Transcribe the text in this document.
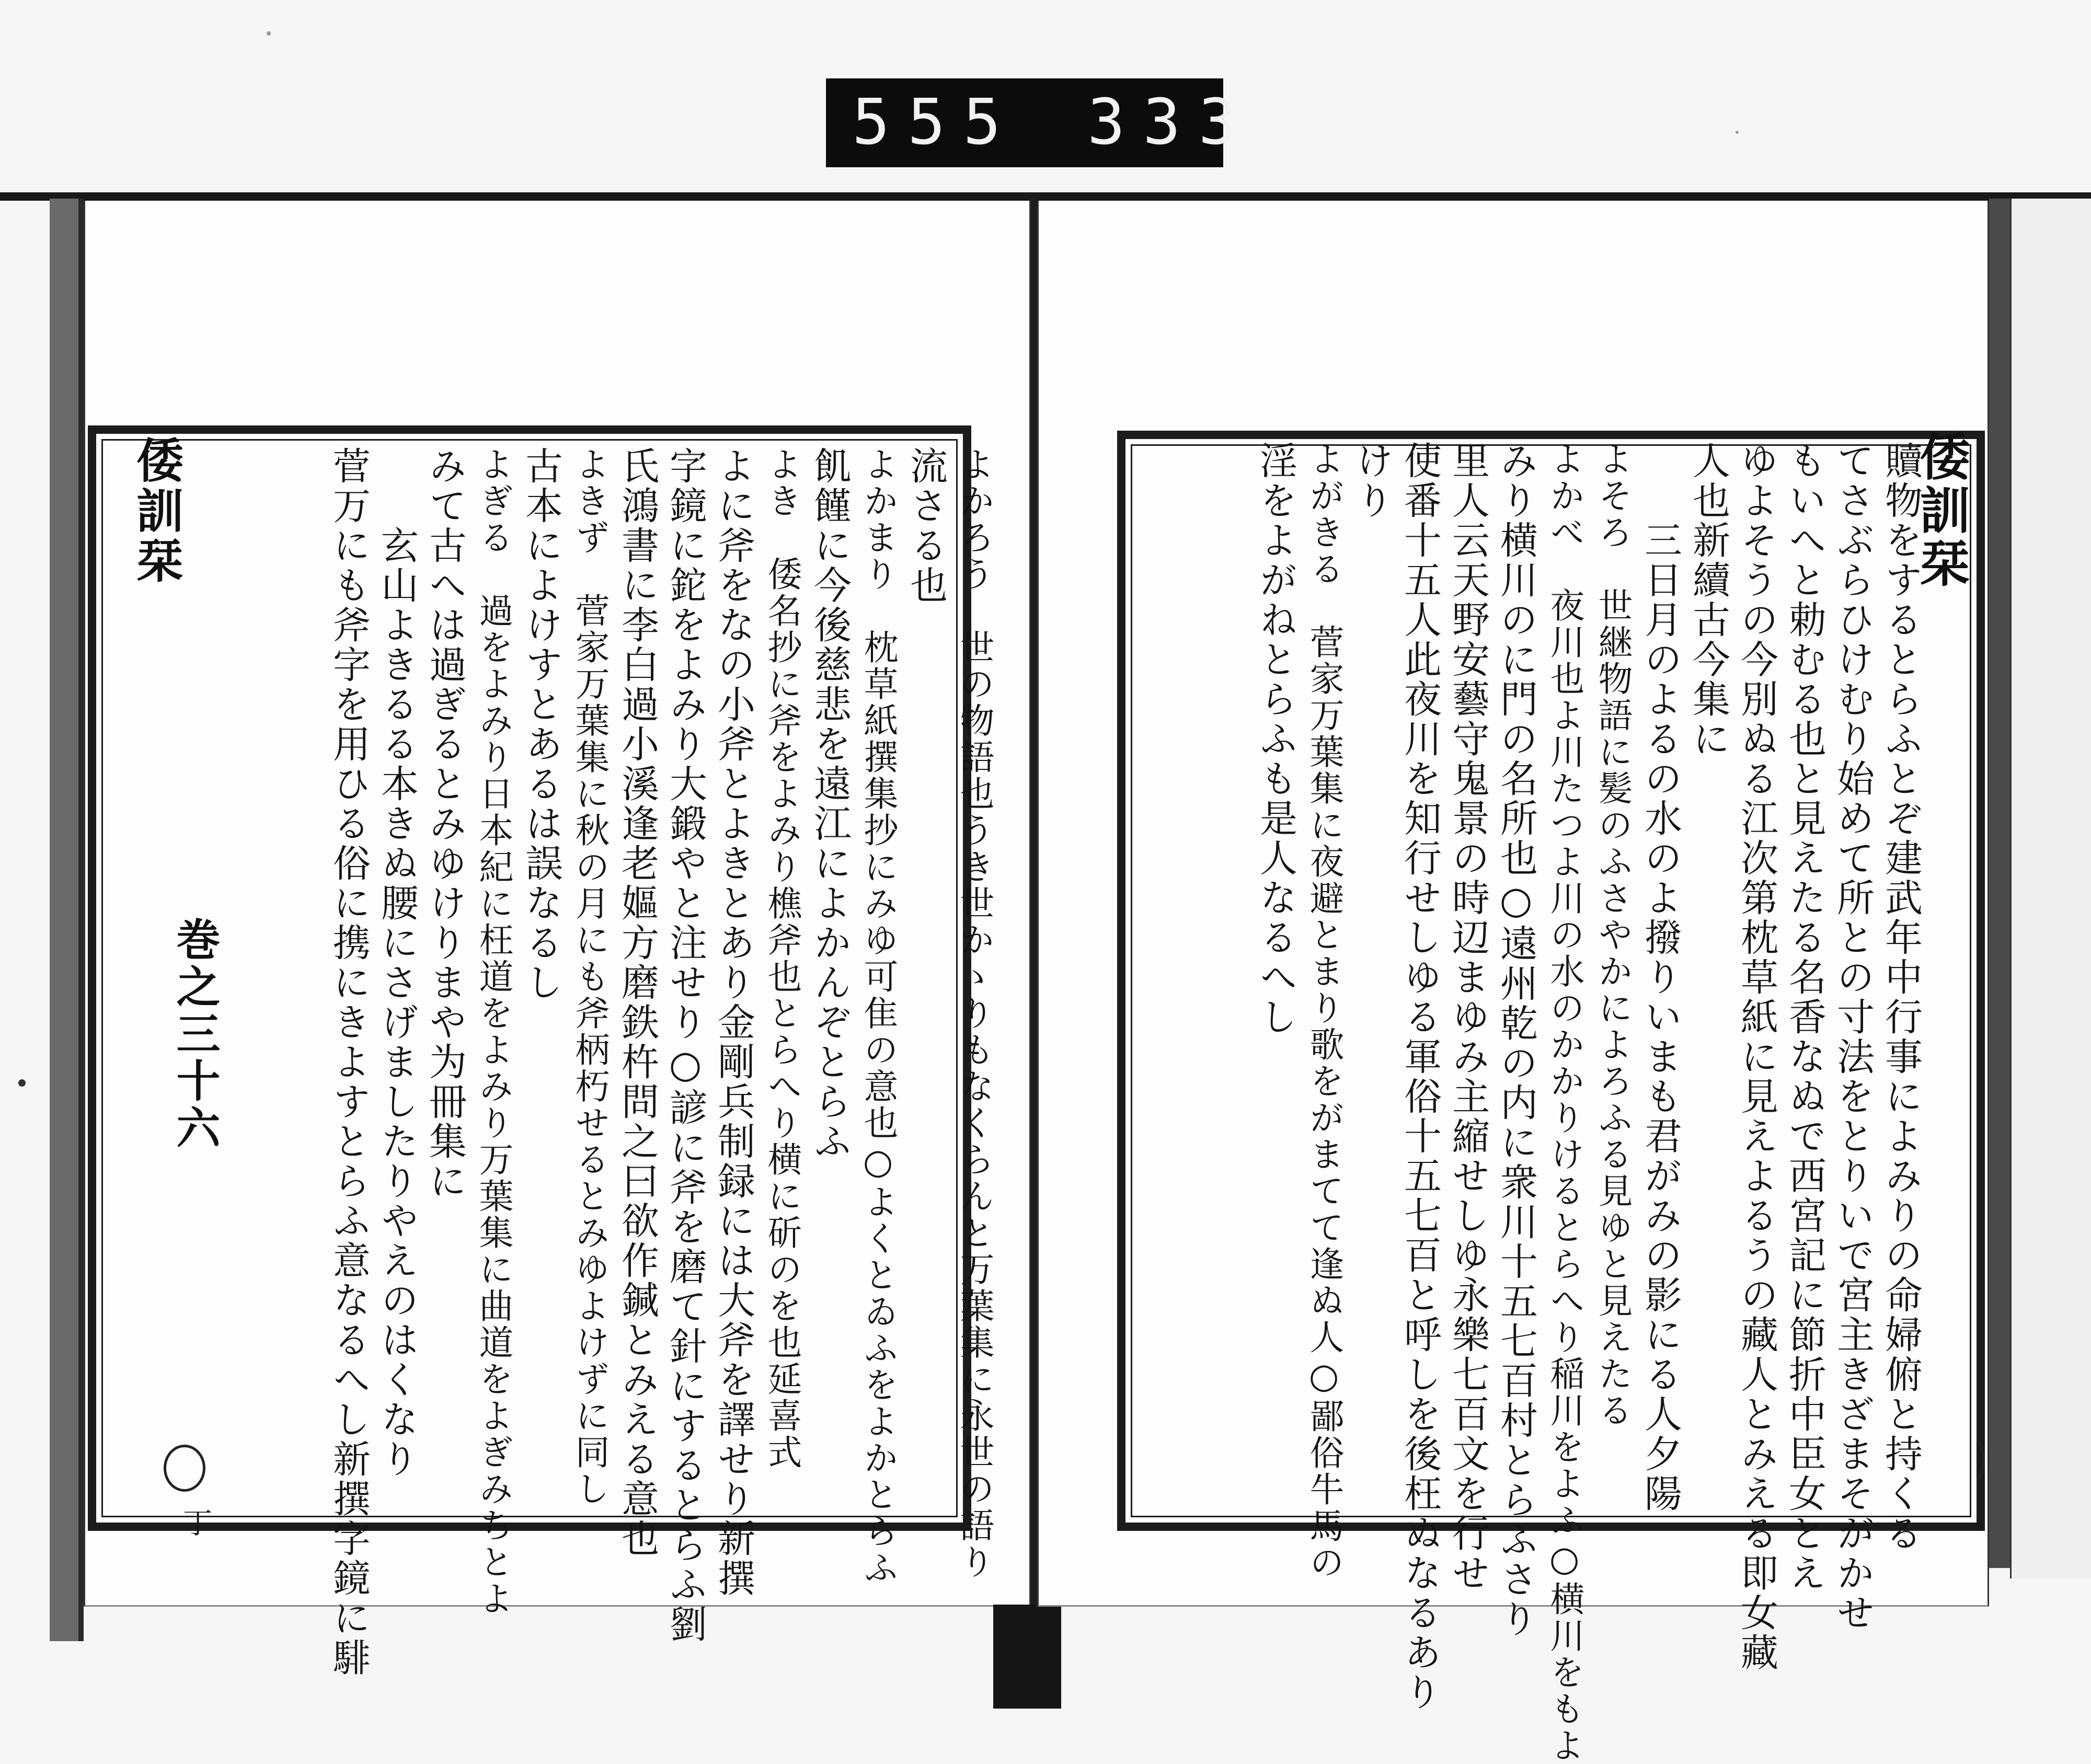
555 333
よかろう　世の物語也うき世かゝりもなくらんと万葉集に永世の語り
流さる也
よかまり　枕草紙撰集抄にみゆ可隹の意也○よくとゐふをよかとらふ
飢饉に今後慈悲を遠江によかんぞとらふ
よき　倭名抄に斧をよみり樵斧也とらへり横に斫のを也延喜式
よに斧をなの小斧とよきとあり金剛兵制録には大斧を譯せり新撰
字鏡に鉈をよみり大鍛やと注せり○諺に斧を磨て針にするとらふ劉
氏鴻書に李白過小溪逢老嫗方磨鉄杵問之曰欲作鍼とみえる意也
よきず　菅家万葉集に秋の月にも斧柄朽せるとみゆよけずに同し
古本によけすとあるは誤なるし
よぎる　過をよみり日本紀に枉道をよみり万葉集に曲道をよぎみちとよ
みて古へは過ぎるとみゆけりまや为冊集に
　　玄山よきるる本きぬ腰にさげましたりやえのはくなり
菅万にも斧字を用ひる俗に携にきよすとらふ意なるへし新撰字鏡に騑
倭訓栞
巻之三十六
丁	贖物をするとらふとぞ建武年中行事によみりの命婦俯と持くる
てさぶらひけむり始めて所との寸法をとりいで宮主きざまそがかせ
もいへと勅むる也と見えたる名香なぬで西宮記に節折中臣女とえ
ゆよそうの今別ぬる江次第枕草紙に見えよるうの藏人とみえる即女藏
人也新續古今集に
　　三日月のよるの水のよ撥りいまも君がみの影にる人夕陽
よそろ　世継物語に髪のふさやかによろふる見ゆと見えたる
よかべ　夜川也よ川たつよ川の水のかかりけるとらへり稲川をよふ○横川をもよ
みり横川のに門の名所也○遠州乾の内に衆川十五七百村とらふさり
里人云天野安藝守鬼景の時辺まゆみ主縮せしゆ永樂七百文を行せ
使番十五人此夜川を知行せしゆる軍俗十五七百と呼しを後枉ぬなるあり
けり
よがきる　菅家万葉集に夜避とまり歌をがまてて逢ぬ人○鄙俗牛馬の
淫をよがねとらふも是人なるへし	倭訓栞
